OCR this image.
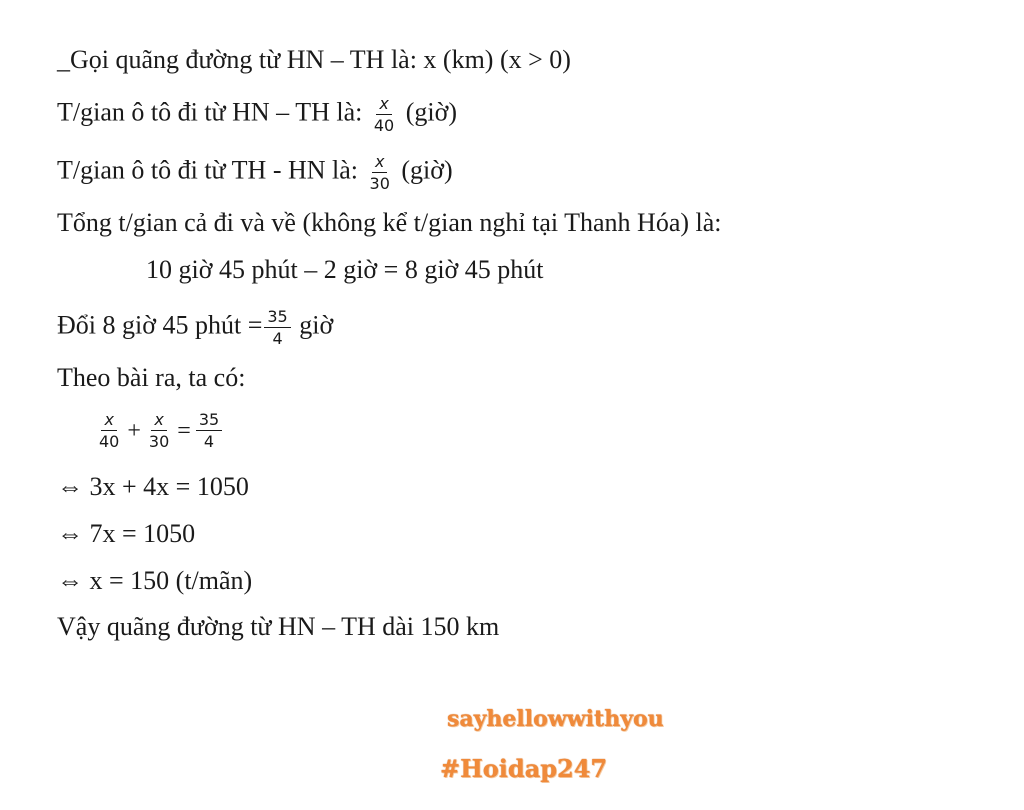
_Gọi quãng đường từ HN – TH là: x (km) (x > 0)
T/gian ô tô đi từ HN – TH là: $\frac{x}{40}$ (giờ)
T/gian ô tô đi từ TH - HN là: $\frac{x}{30}$ (giờ)
Tổng t/gian cả đi và về (không kể t/gian nghỉ tại Thanh Hóa) là:
10 giờ 45 phút – 2 giờ = 8 giờ 45 phút
Đổi 8 giờ 45 phút = $\frac{35}{4}$ giờ
Theo bài ra, ta có:
$\frac{x}{40} + \frac{x}{30} = \frac{35}{4}$
⇔ 3x + 4x = 1050
⇔ 7x = 1050
⇔ x = 150 (t/mãn)
Vậy quãng đường từ HN – TH dài 150 km
sayhellowwithyou
#Hoidap247
